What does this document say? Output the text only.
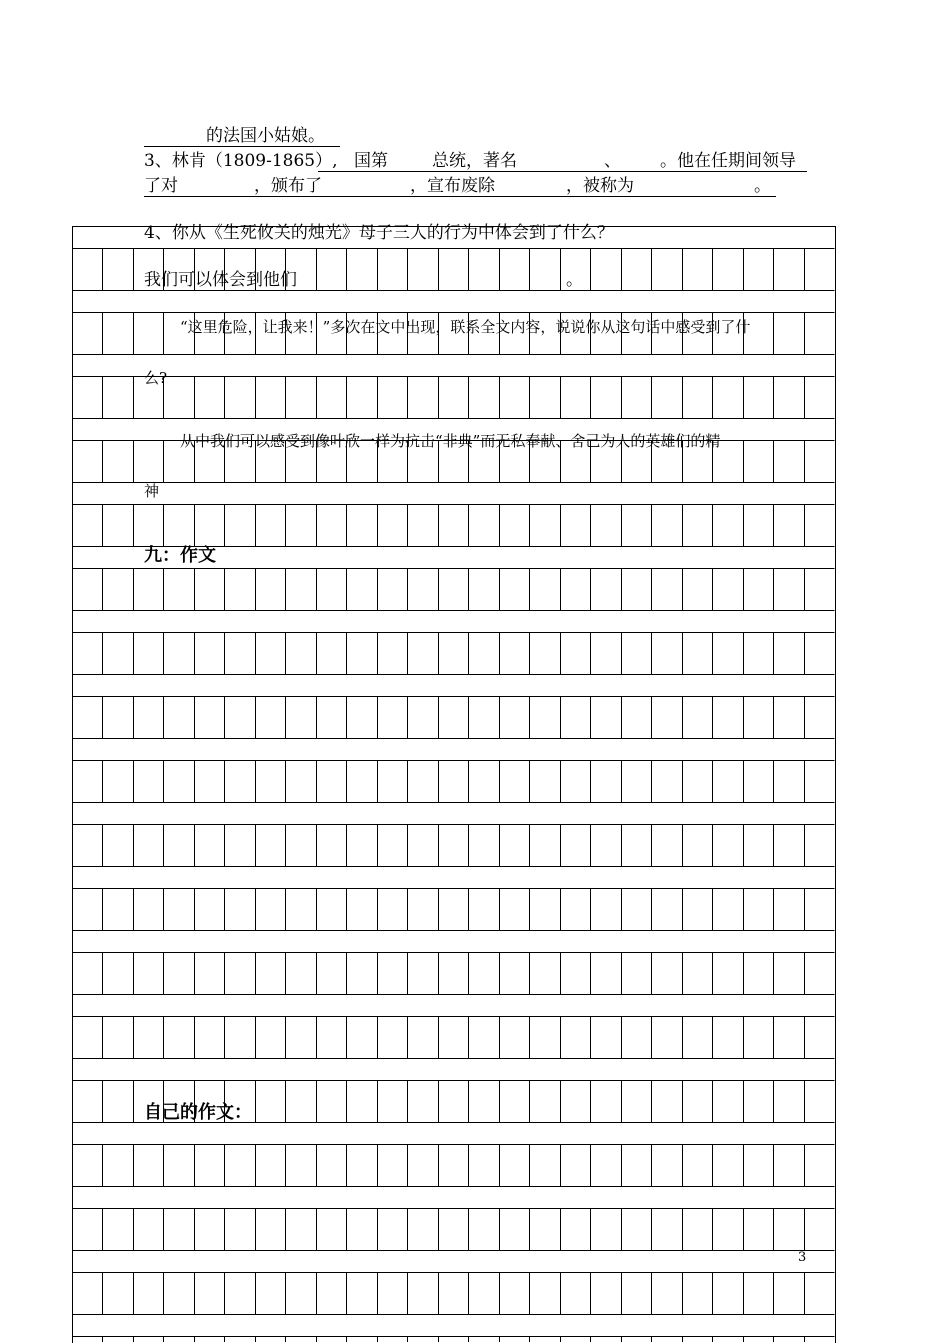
的法国小姑娘。
3、林肯（1809-1865）, 国第	总统，著名	、 。他在任期间领导
了对	，颁布了	，宣布废除	，被称为	。
4、你从《生死攸关的烛光》母子三人的行为中体会到了什么？
我们可以体会到他们	。
“这里危险，让我来！”多次在文中出现，联系全文内容，说说你从这句话中感受到了什
么?
从中我们可以感受到像叶欣一样为抗击“非典”而无私奉献、舍己为人的英雄们的精
神
九：作文
自己的作文：
3
